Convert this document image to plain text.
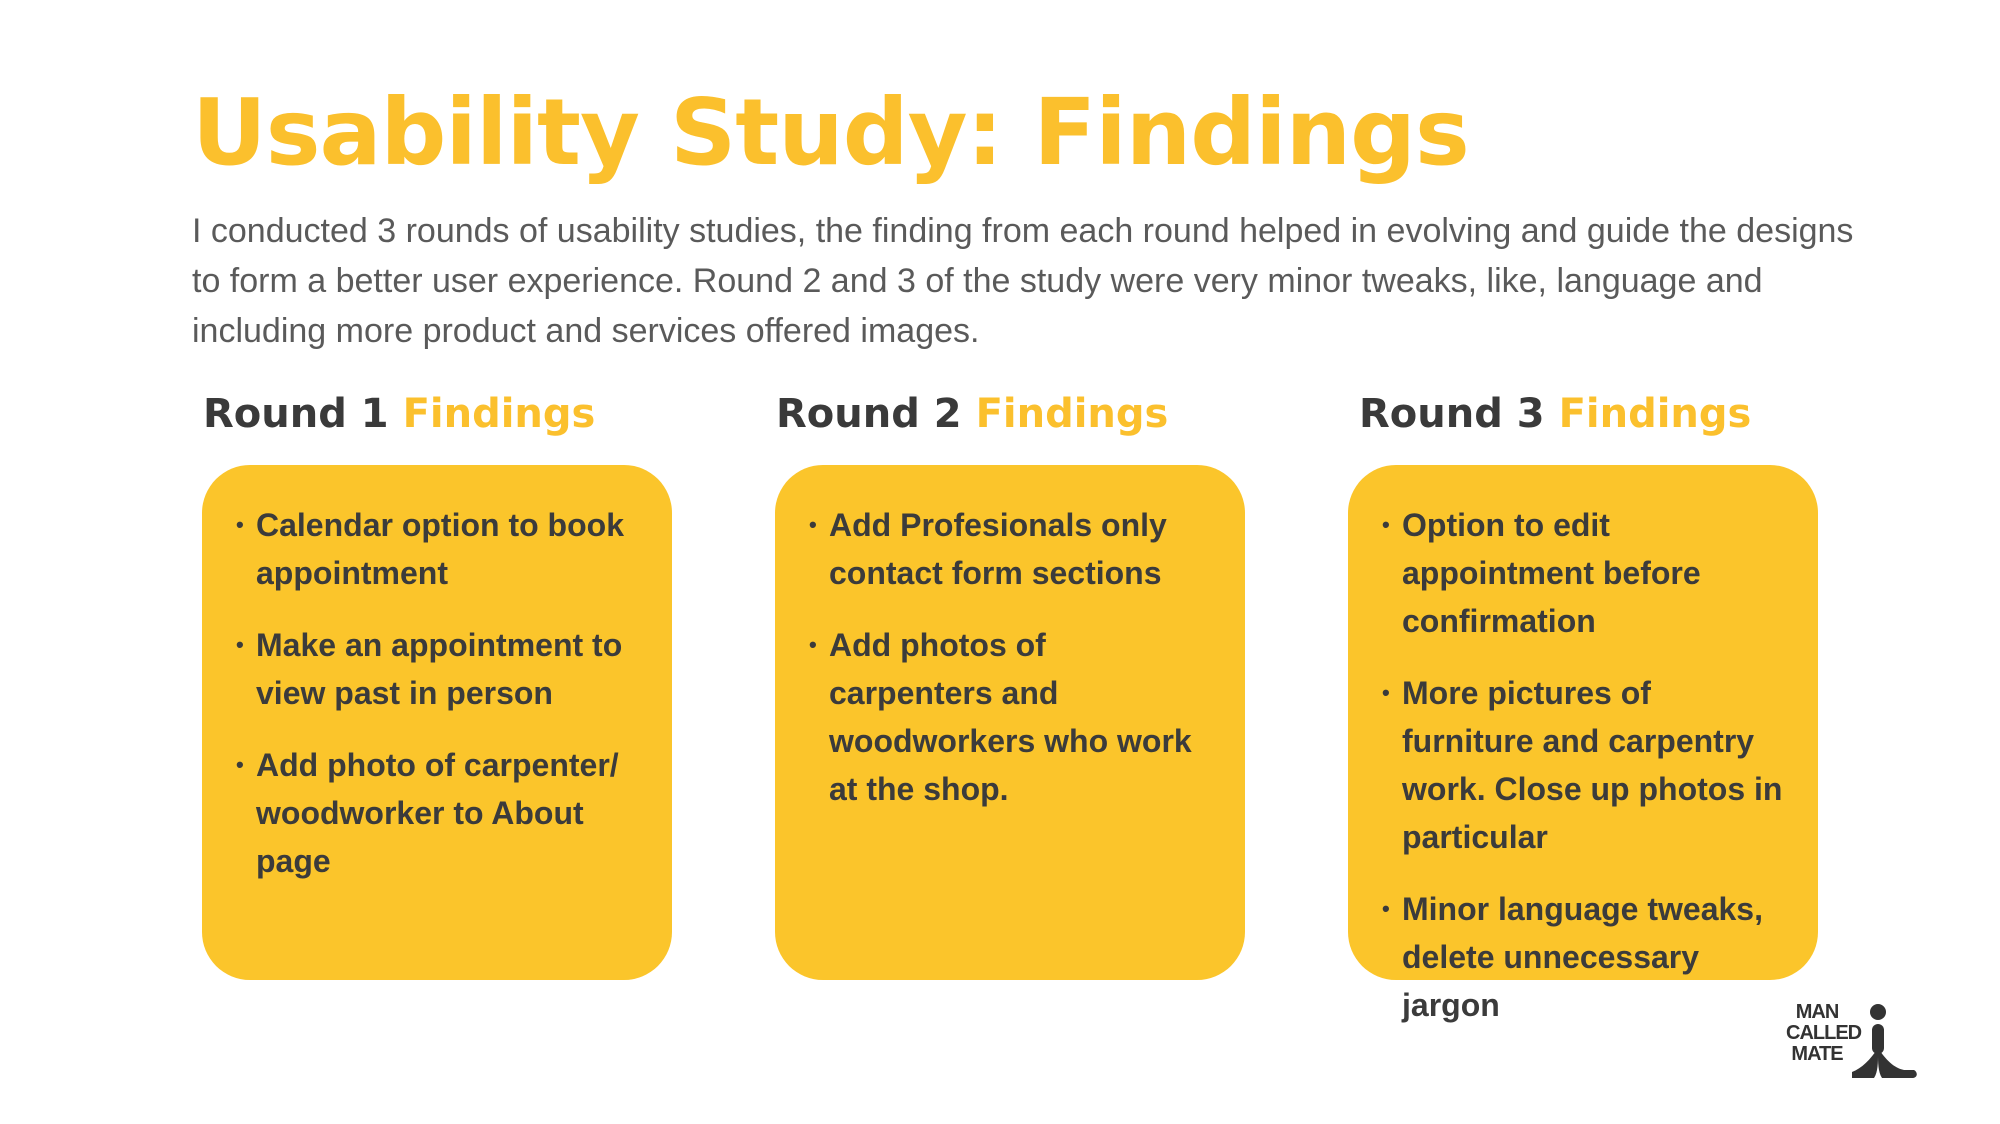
Usability Study: Findings

I conducted 3 rounds of usability studies, the finding from each round helped in evolving and guide the designs to form a better user experience. Round 2 and 3 of the study were very minor tweaks, like, language and including more product and services offered images.

Round 1 Findings
• Calendar option to book appointment
• Make an appointment to view past in person
• Add photo of carpenter/ woodworker to About page
Round 2 Findings
• Add Profesionals only contact form sections
• Add photos of carpenters and woodworkers who work at the shop.
Round 3 Findings
• Option to edit appointment before confirmation
• More pictures of furniture and carpentry work. Close up photos in particular
• Minor language tweaks, delete unnecessary jargon	MAN
CALLED
MATE
